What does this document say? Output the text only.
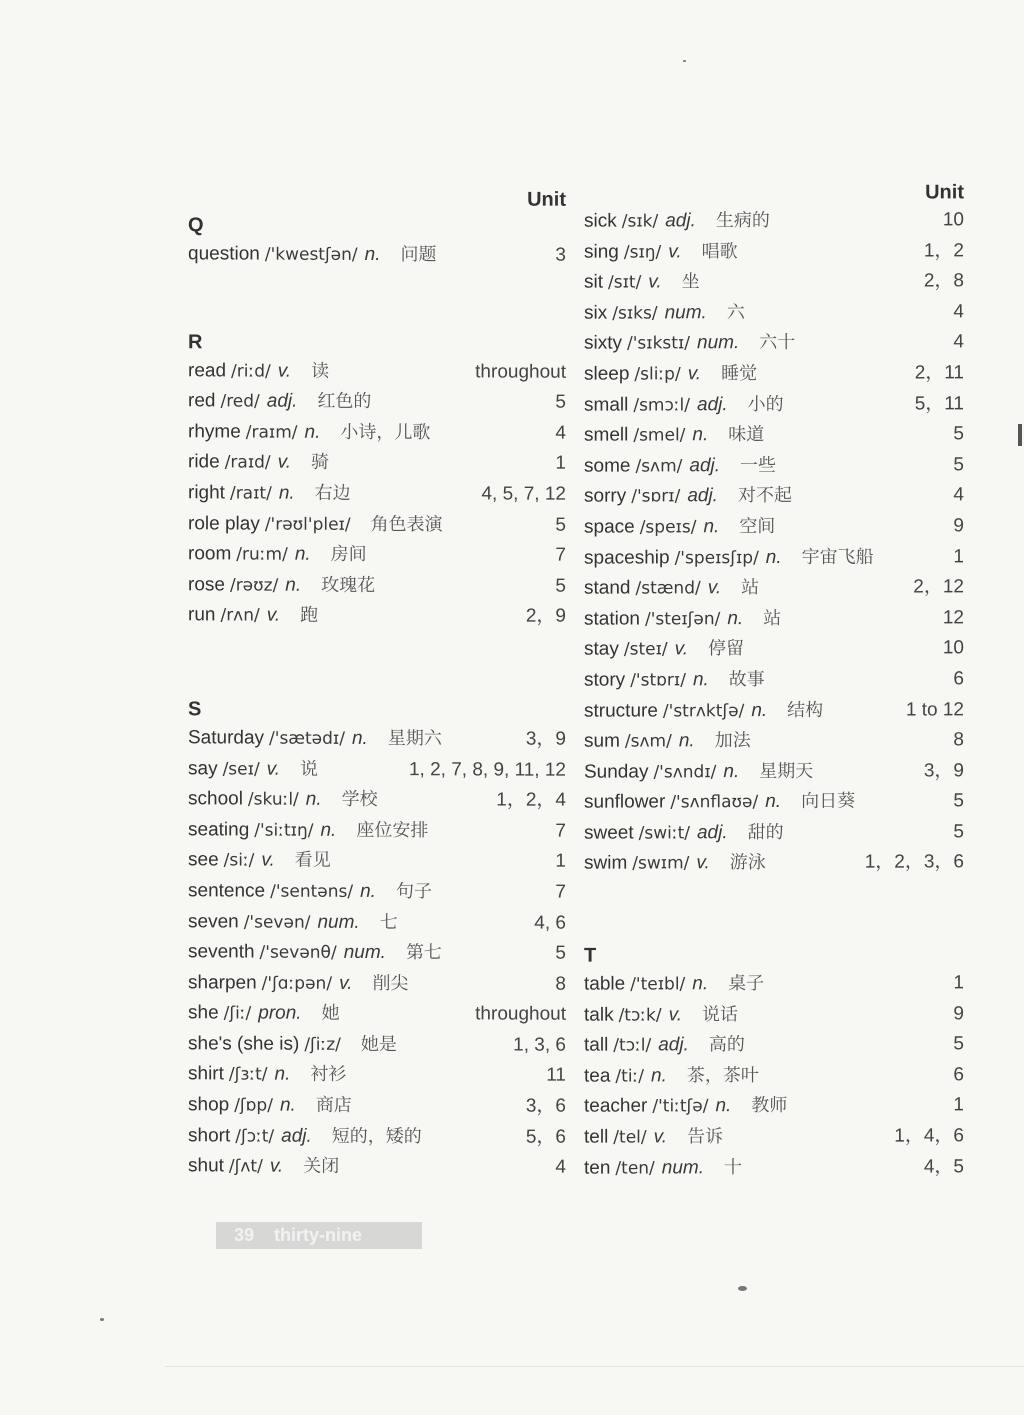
Unit
Q
question /'kwestʃən/ n. 问题	3
R
read /riːd/ v. 读	throughout
red /red/ adj. 红色的	5
rhyme /raɪm/ n. 小诗，儿歌	4
ride /raɪd/ v. 骑	1
right /raɪt/ n. 右边	4, 5, 7, 12
role play /'rəʊl'pleɪ/ 角色表演	5
room /ruːm/ n. 房间	7
rose /rəʊz/ n. 玫瑰花	5
run /rʌn/ v. 跑	2，9
S
Saturday /'sætədɪ/ n. 星期六	3，9
say /seɪ/ v. 说	1, 2, 7, 8, 9, 11, 12
school /skuːl/ n. 学校	1，2，4
seating /'siːtɪŋ/ n. 座位安排	7
see /siː/ v. 看见	1
sentence /'sentəns/ n. 句子	7
seven /'sevən/ num. 七	4, 6
seventh /'sevənθ/ num. 第七	5
sharpen /'ʃɑːpən/ v. 削尖	8
she /ʃiː/ pron. 她	throughout
she's (she is) /ʃiːz/ 她是	1, 3, 6
shirt /ʃɜːt/ n. 衬衫	11
shop /ʃɒp/ n. 商店	3，6
short /ʃɔːt/ adj. 短的，矮的	5，6
shut /ʃʌt/ v. 关闭	4
Unit
sick /sɪk/ adj. 生病的	10
sing /sɪŋ/ v. 唱歌	1，2
sit /sɪt/ v. 坐	2，8
six /sɪks/ num. 六	4
sixty /'sɪkstɪ/ num. 六十	4
sleep /sliːp/ v. 睡觉	2，11
small /smɔːl/ adj. 小的	5，11
smell /smel/ n. 味道	5
some /sʌm/ adj. 一些	5
sorry /'sɒrɪ/ adj. 对不起	4
space /speɪs/ n. 空间	9
spaceship /'speɪsʃɪp/ n. 宇宙飞船	1
stand /stænd/ v. 站	2，12
station /'steɪʃən/ n. 站	12
stay /steɪ/ v. 停留	10
story /'stɒrɪ/ n. 故事	6
structure /'strʌktʃə/ n. 结构	1 to 12
sum /sʌm/ n. 加法	8
Sunday /'sʌndɪ/ n. 星期天	3，9
sunflower /'sʌnflaʊə/ n. 向日葵	5
sweet /swiːt/ adj. 甜的	5
swim /swɪm/ v. 游泳	1，2，3，6
T
table /'teɪbl/ n. 桌子	1
talk /tɔːk/ v. 说话	9
tall /tɔːl/ adj. 高的	5
tea /tiː/ n. 茶，茶叶	6
teacher /'tiːtʃə/ n. 教师	1
tell /tel/ v. 告诉	1，4，6
ten /ten/ num. 十	4，5
39 thirty-nine
